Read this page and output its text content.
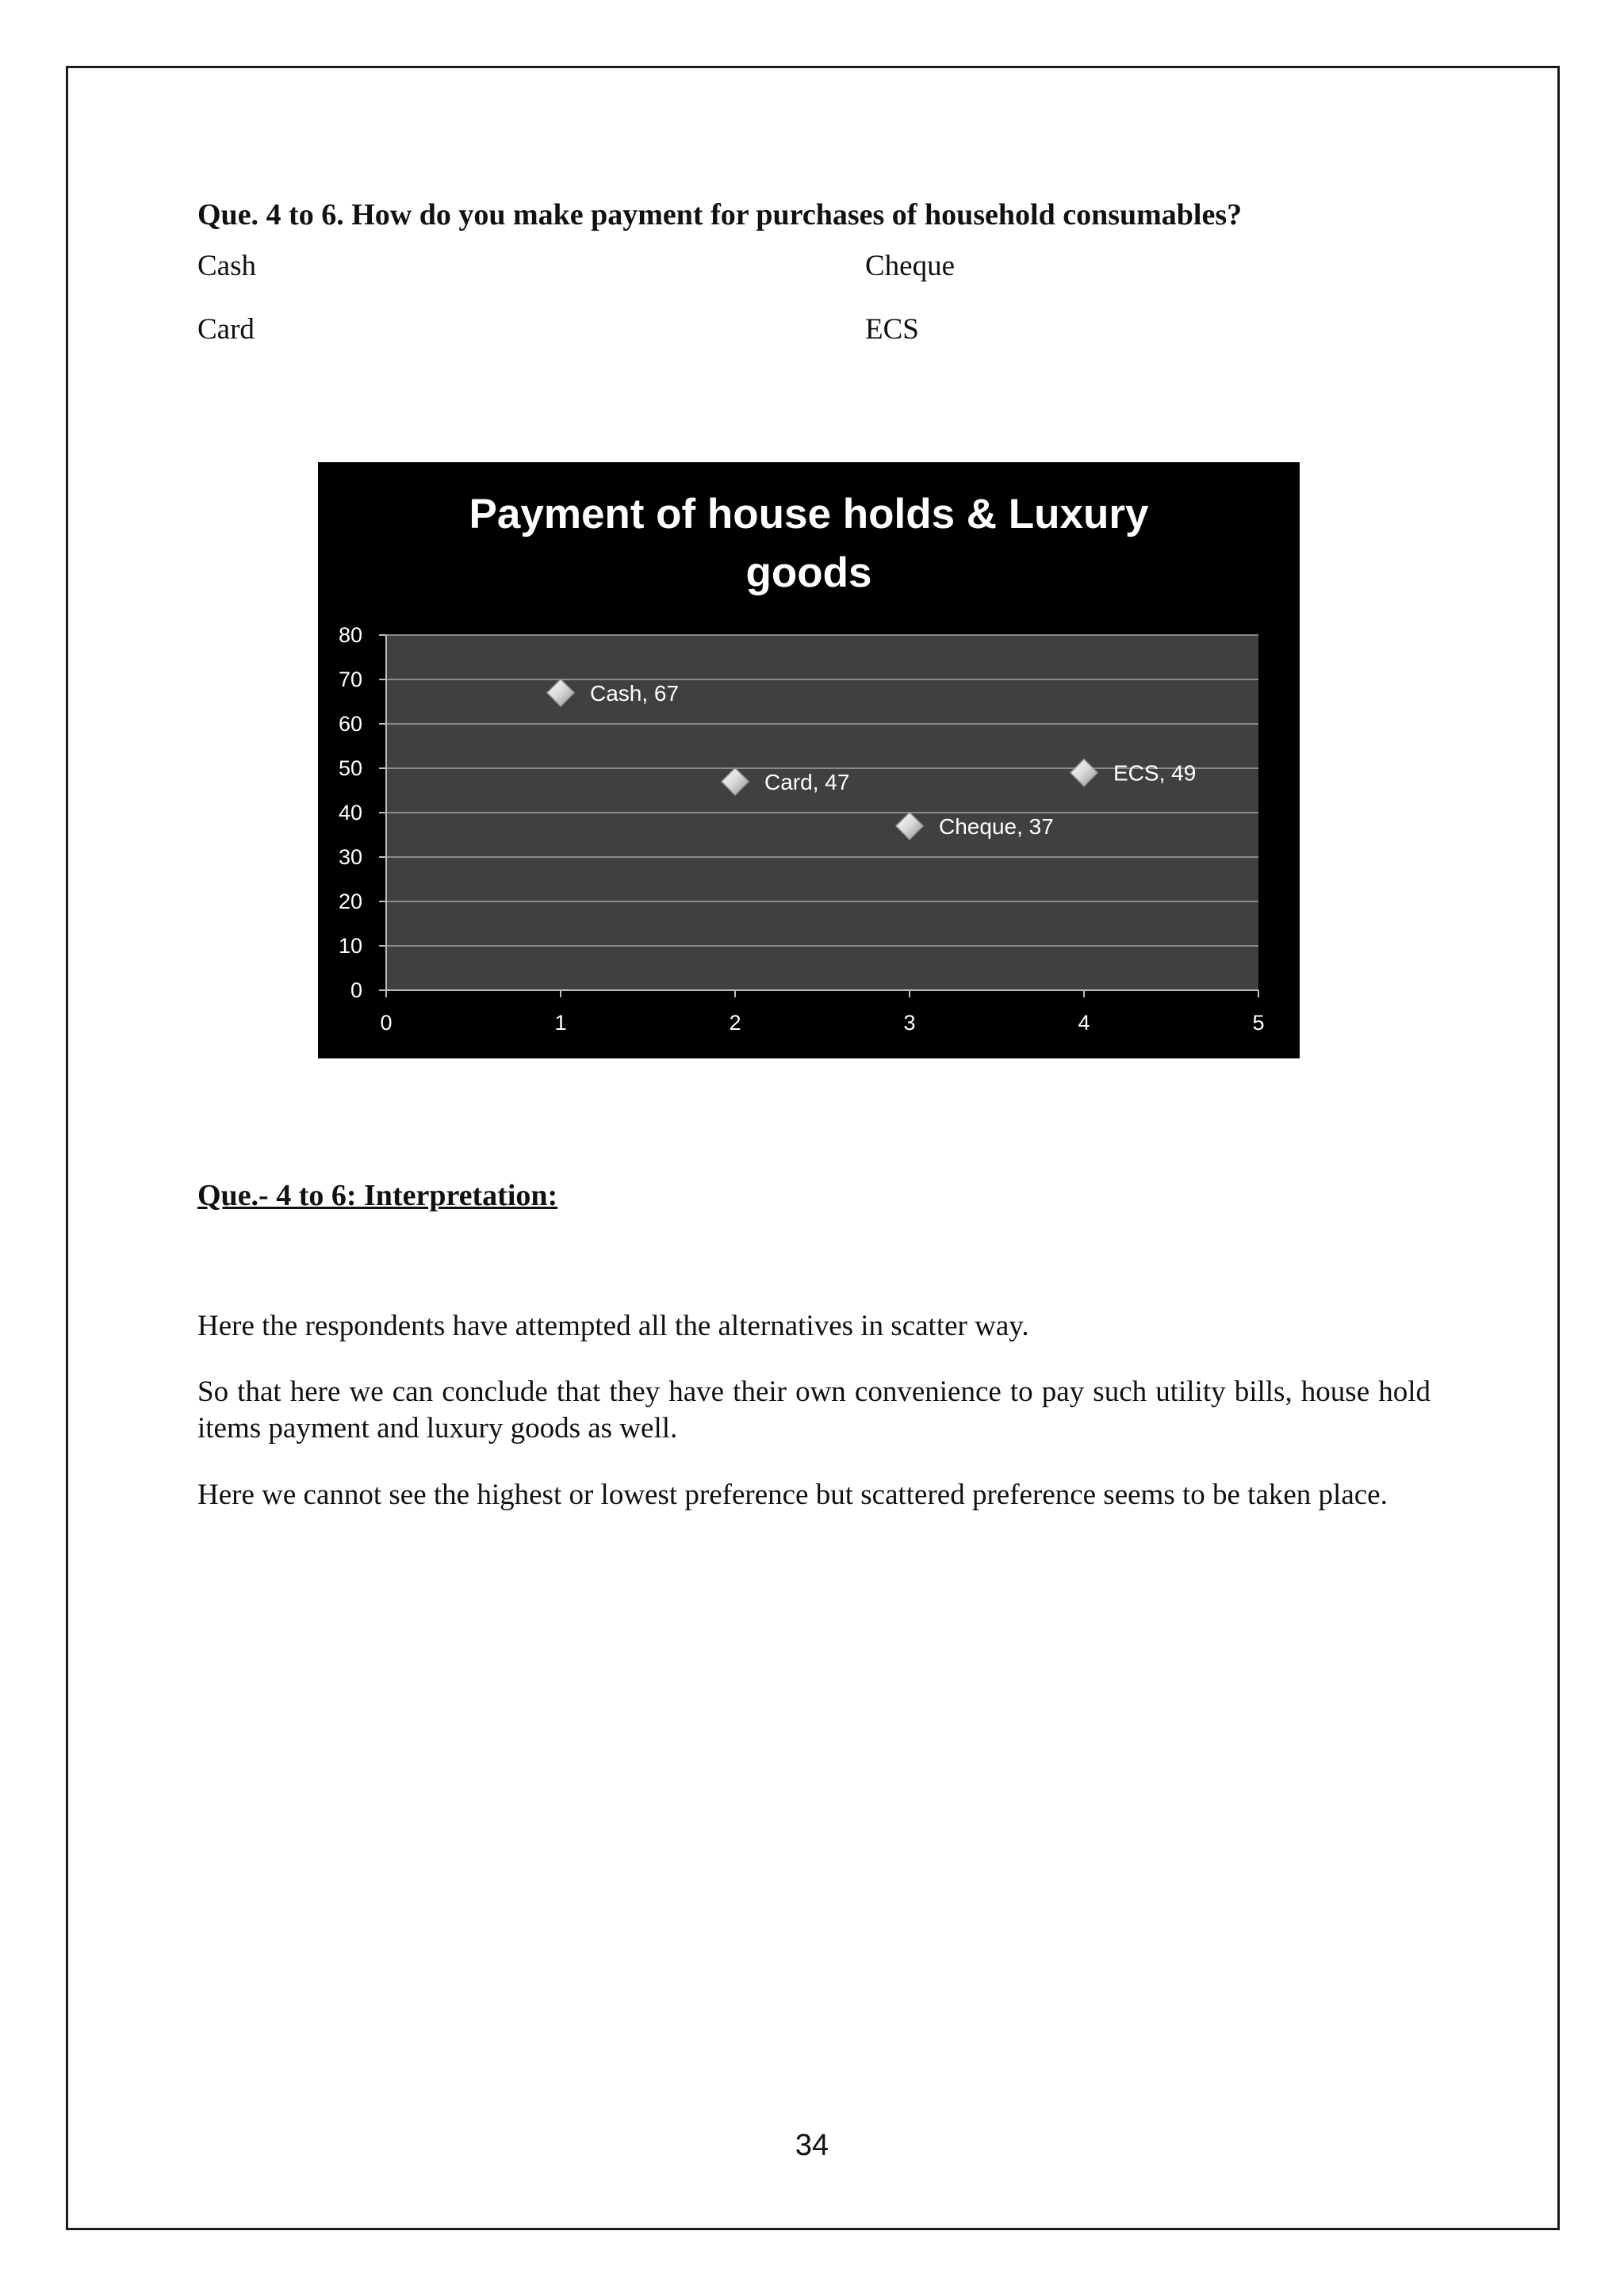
Que. 4 to 6. How do you make payment for purchases of household consumables?
Cash	Cheque
Card	ECS
Payment of house holds & Luxury
goods
0
10
20
30
40
50
60
70
80
0	1	2	3	4	5
Cash, 67
Card, 47
Cheque, 37
ECS, 49
Que.- 4 to 6: Interpretation:
Here the respondents have attempted all the alternatives in scatter way.
So that here we can conclude that they have their own convenience to pay such utility bills, house hold items payment and luxury goods as well.
Here we cannot see the highest or lowest preference but scattered preference seems to be taken place.
34
